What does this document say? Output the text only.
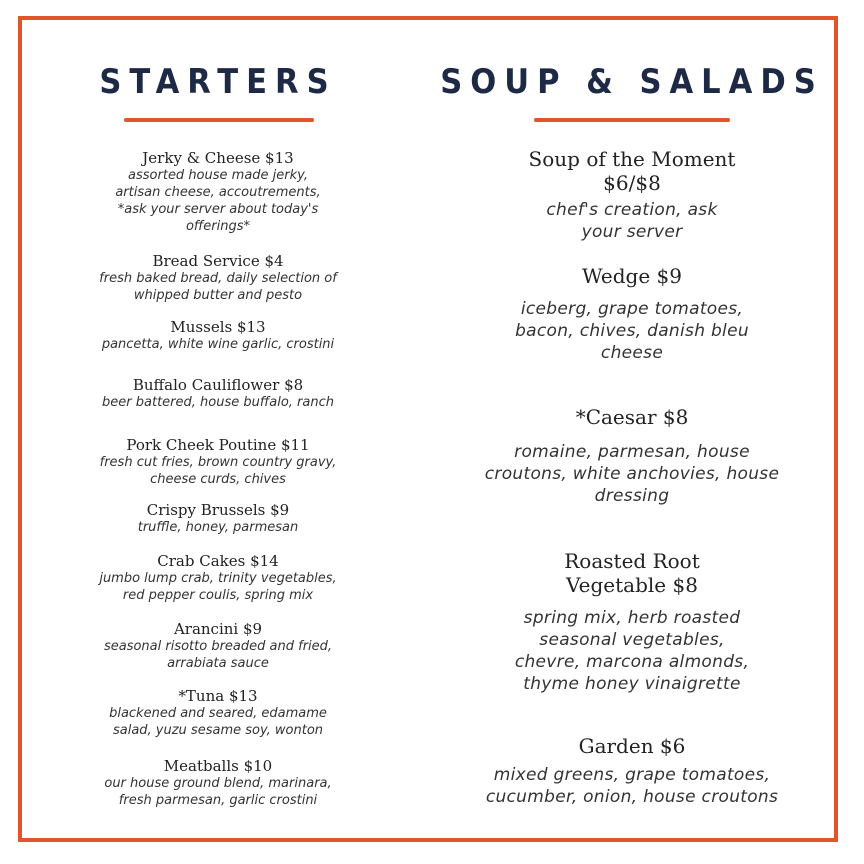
STARTERS
Jerky & Cheese $13
assorted house made jerky,
artisan cheese, accoutrements,
*ask your server about today's
offerings*
Bread Service $4
fresh baked bread, daily selection of
whipped butter and pesto
Mussels $13
pancetta, white wine garlic, crostini
Buffalo Cauliflower $8
beer battered, house buffalo, ranch
Pork Cheek Poutine $11
fresh cut fries, brown country gravy,
cheese curds, chives
Crispy Brussels $9
truffle, honey, parmesan
Crab Cakes $14
jumbo lump crab, trinity vegetables,
red pepper coulis, spring mix
Arancini $9
seasonal risotto breaded and fried,
arrabiata sauce
*Tuna $13
blackened and seared, edamame
salad, yuzu sesame soy, wonton
Meatballs $10
our house ground blend, marinara,
fresh parmesan, garlic crostini
SOUP & SALADS
Soup of the Moment
$6/$8
chef's creation, ask
your server
Wedge $9
iceberg, grape tomatoes,
bacon, chives, danish bleu
cheese
*Caesar $8
romaine, parmesan, house
croutons, white anchovies, house
dressing
Roasted Root
Vegetable $8
spring mix, herb roasted
seasonal vegetables,
chevre, marcona almonds,
thyme honey vinaigrette
Garden $6
mixed greens, grape tomatoes,
cucumber, onion, house croutons
